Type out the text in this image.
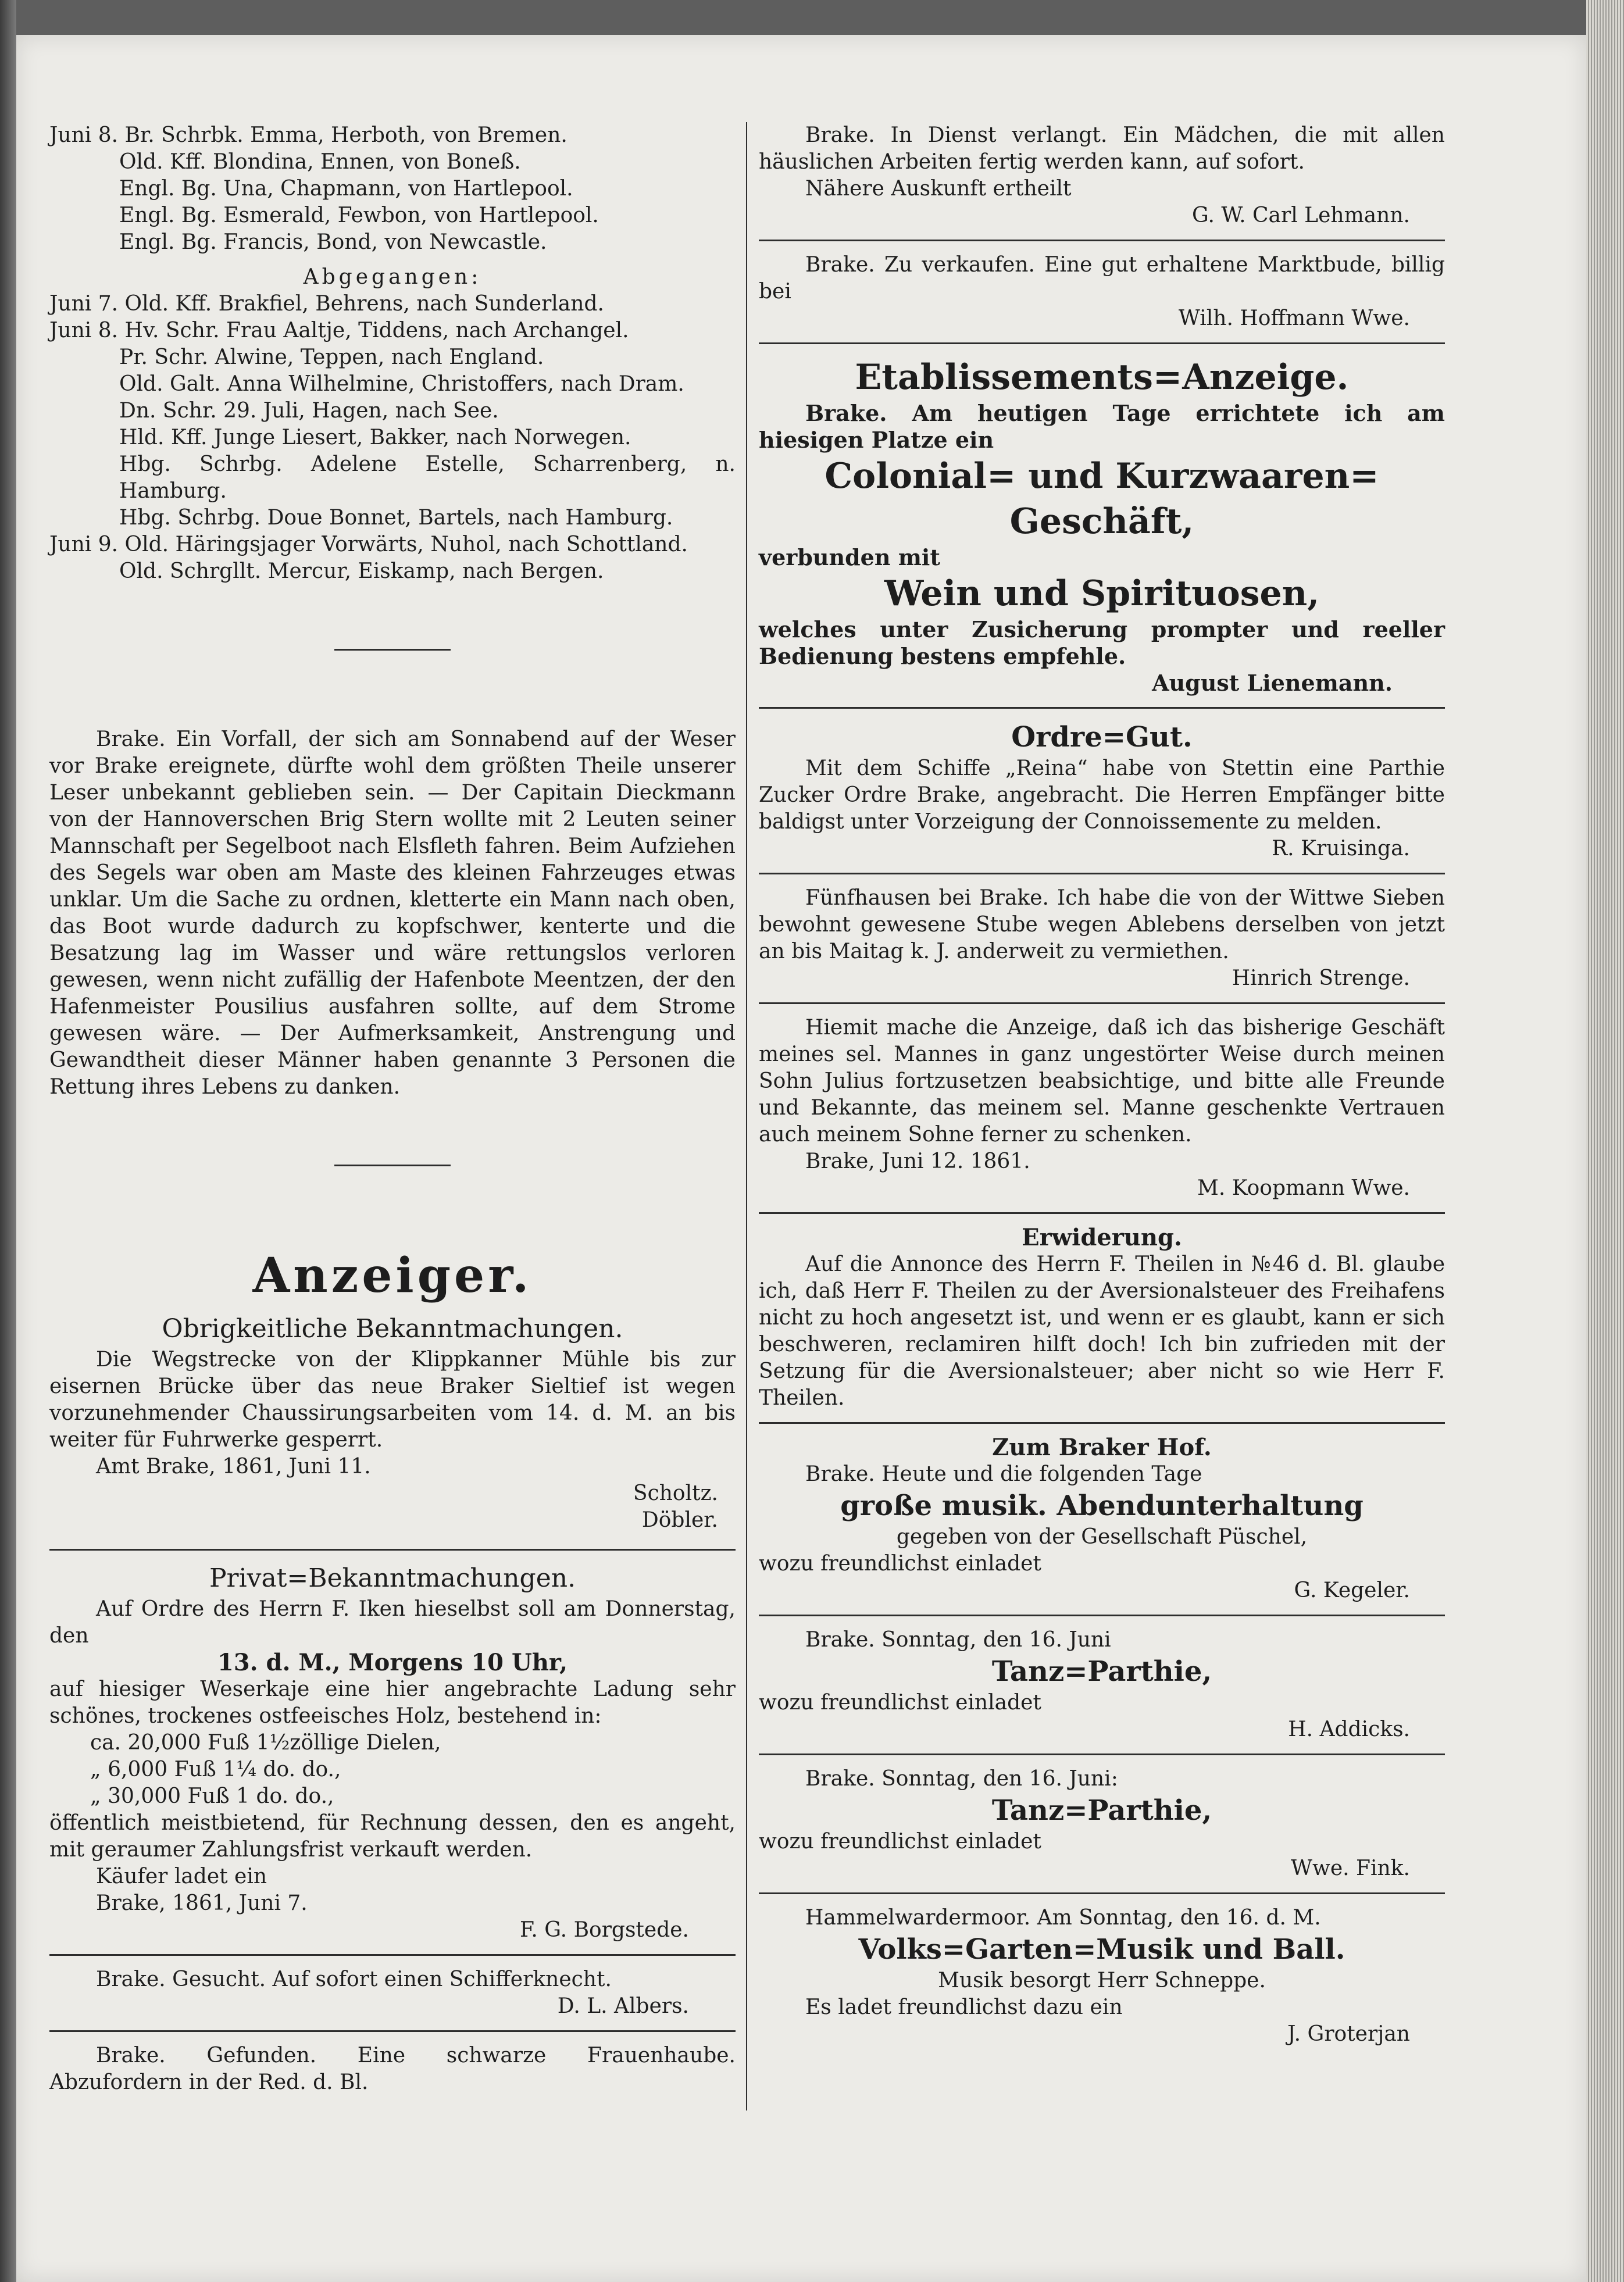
Juni 8. Br. Schrbk. Emma, Herboth, von Bremen.

Old. Kff. Blondina, Ennen, von Boneß.

Engl. Bg. Una, Chapmann, von Hartlepool.

Engl. Bg. Esmerald, Fewbon, von Hartlepool.

Engl. Bg. Francis, Bond, von Newcastle.

Abgegangen:

Juni 7. Old. Kff. Brakfiel, Behrens, nach Sunderland.

Juni 8. Hv. Schr. Frau Aaltje, Tiddens, nach Archangel.

Pr. Schr. Alwine, Teppen, nach England.

Old. Galt. Anna Wilhelmine, Christoffers, nach Dram.

Dn. Schr. 29. Juli, Hagen, nach See.

Hld. Kff. Junge Liesert, Bakker, nach Norwegen.

Hbg. Schrbg. Adelene Estelle, Scharrenberg, n. Hamburg.

Hbg. Schrbg. Doue Bonnet, Bartels, nach Hamburg.

Juni 9. Old. Häringsjager Vorwärts, Nuhol, nach Schottland.

Old. Schrgllt. Mercur, Eiskamp, nach Bergen.

Brake. Ein Vorfall, der sich am Sonnabend auf der Weser vor Brake ereignete, dürfte wohl dem größten Theile unserer Leser unbekannt geblieben sein. — Der Capitain Dieckmann von der Hannoverschen Brig Stern wollte mit 2 Leuten seiner Mannschaft per Segelboot nach Elsfleth fahren. Beim Aufziehen des Segels war oben am Maste des kleinen Fahrzeuges etwas unklar. Um die Sache zu ordnen, kletterte ein Mann nach oben, das Boot wurde dadurch zu kopfschwer, kenterte und die Besatzung lag im Wasser und wäre rettungslos verloren gewesen, wenn nicht zufällig der Hafenbote Meentzen, der den Hafenmeister Pousilius ausfahren sollte, auf dem Strome gewesen wäre. — Der Aufmerksamkeit, Anstrengung und Gewandtheit dieser Männer haben genannte 3 Personen die Rettung ihres Lebens zu danken.

Anzeiger.
Obrigkeitliche Bekanntmachungen.

Die Wegstrecke von der Klippkanner Mühle bis zur eisernen Brücke über das neue Braker Sieltief ist wegen vorzunehmender Chaussirungsarbeiten vom 14. d. M. an bis weiter für Fuhrwerke gesperrt.

Amt Brake, 1861, Juni 11.

Scholtz.

Döbler.

Privat=Bekanntmachungen.

Auf Ordre des Herrn F. Iken hieselbst soll am Donnerstag, den

13. d. M., Morgens 10 Uhr,

auf hiesiger Weserkaje eine hier angebrachte Ladung sehr schönes, trockenes ostfeeisches Holz, bestehend in:

ca. 20,000 Fuß 1½zöllige Dielen,

„ 6,000 Fuß 1¼ do. do.,

„ 30,000 Fuß 1 do. do.,

öffentlich meistbietend, für Rechnung dessen, den es angeht, mit geraumer Zahlungsfrist verkauft werden.

Käufer ladet ein

Brake, 1861, Juni 7.

F. G. Borgstede.

Brake. Gesucht. Auf sofort einen Schifferknecht.

D. L. Albers.

Brake. Gefunden. Eine schwarze Frauenhaube. Abzufordern in der Red. d. Bl.

Brake. In Dienst verlangt. Ein Mädchen, die mit allen häuslichen Arbeiten fertig werden kann, auf sofort.

Nähere Auskunft ertheilt

G. W. Carl Lehmann.

Brake. Zu verkaufen. Eine gut erhaltene Marktbude, billig bei

Wilh. Hoffmann Wwe.

Etablissements=Anzeige.

Brake. Am heutigen Tage errichtete ich am hiesigen Platze ein

Colonial= und Kurzwaaren=
Geschäft,

verbunden mit

Wein und Spirituosen,

welches unter Zusicherung prompter und reeller Bedienung bestens empfehle.

August Lienemann.

Ordre=Gut.

Mit dem Schiffe „Reina“ habe von Stettin eine Parthie Zucker Ordre Brake, angebracht. Die Herren Empfänger bitte baldigst unter Vorzeigung der Connoissemente zu melden.

R. Kruisinga.

Fünfhausen bei Brake. Ich habe die von der Wittwe Sieben bewohnt gewesene Stube wegen Ablebens derselben von jetzt an bis Maitag k. J. anderweit zu vermiethen.

Hinrich Strenge.

Hiemit mache die Anzeige, daß ich das bisherige Geschäft meines sel. Mannes in ganz ungestörter Weise durch meinen Sohn Julius fortzusetzen beabsichtige, und bitte alle Freunde und Bekannte, das meinem sel. Manne geschenkte Vertrauen auch meinem Sohne ferner zu schenken.

Brake, Juni 12. 1861.

M. Koopmann Wwe.

Erwiderung.

Auf die Annonce des Herrn F. Theilen in №46 d. Bl. glaube ich, daß Herr F. Theilen zu der Aversionalsteuer des Freihafens nicht zu hoch angesetzt ist, und wenn er es glaubt, kann er sich beschweren, reclamiren hilft doch! Ich bin zufrieden mit der Setzung für die Aversionalsteuer; aber nicht so wie Herr F. Theilen.

Zum Braker Hof.

Brake. Heute und die folgenden Tage

große musik. Abendunterhaltung

gegeben von der Gesellschaft Püschel,

wozu freundlichst einladet

G. Kegeler.

Brake. Sonntag, den 16. Juni

Tanz=Parthie,

wozu freundlichst einladet

H. Addicks.

Brake. Sonntag, den 16. Juni:

Tanz=Parthie,

wozu freundlichst einladet

Wwe. Fink.

Hammelwardermoor. Am Sonntag, den 16. d. M.

Volks=Garten=Musik und Ball.

Musik besorgt Herr Schneppe.

Es ladet freundlichst dazu ein

J. Groterjan
